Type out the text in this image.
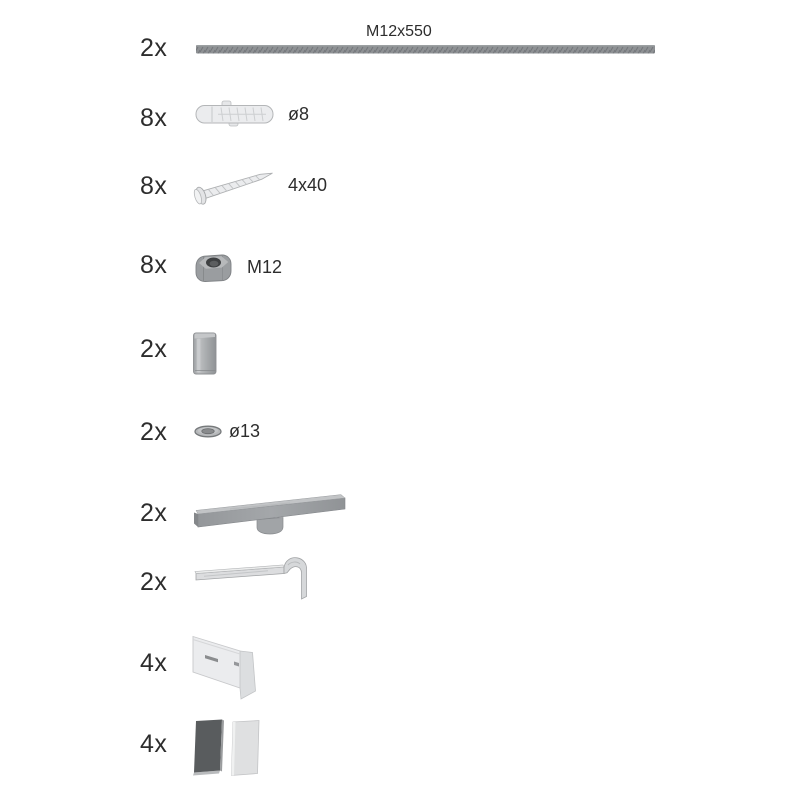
2x
8x
8x
8x
2x
2x
2x
2x
4x
4x
M12x550
ø8
4x40
M12
ø13
